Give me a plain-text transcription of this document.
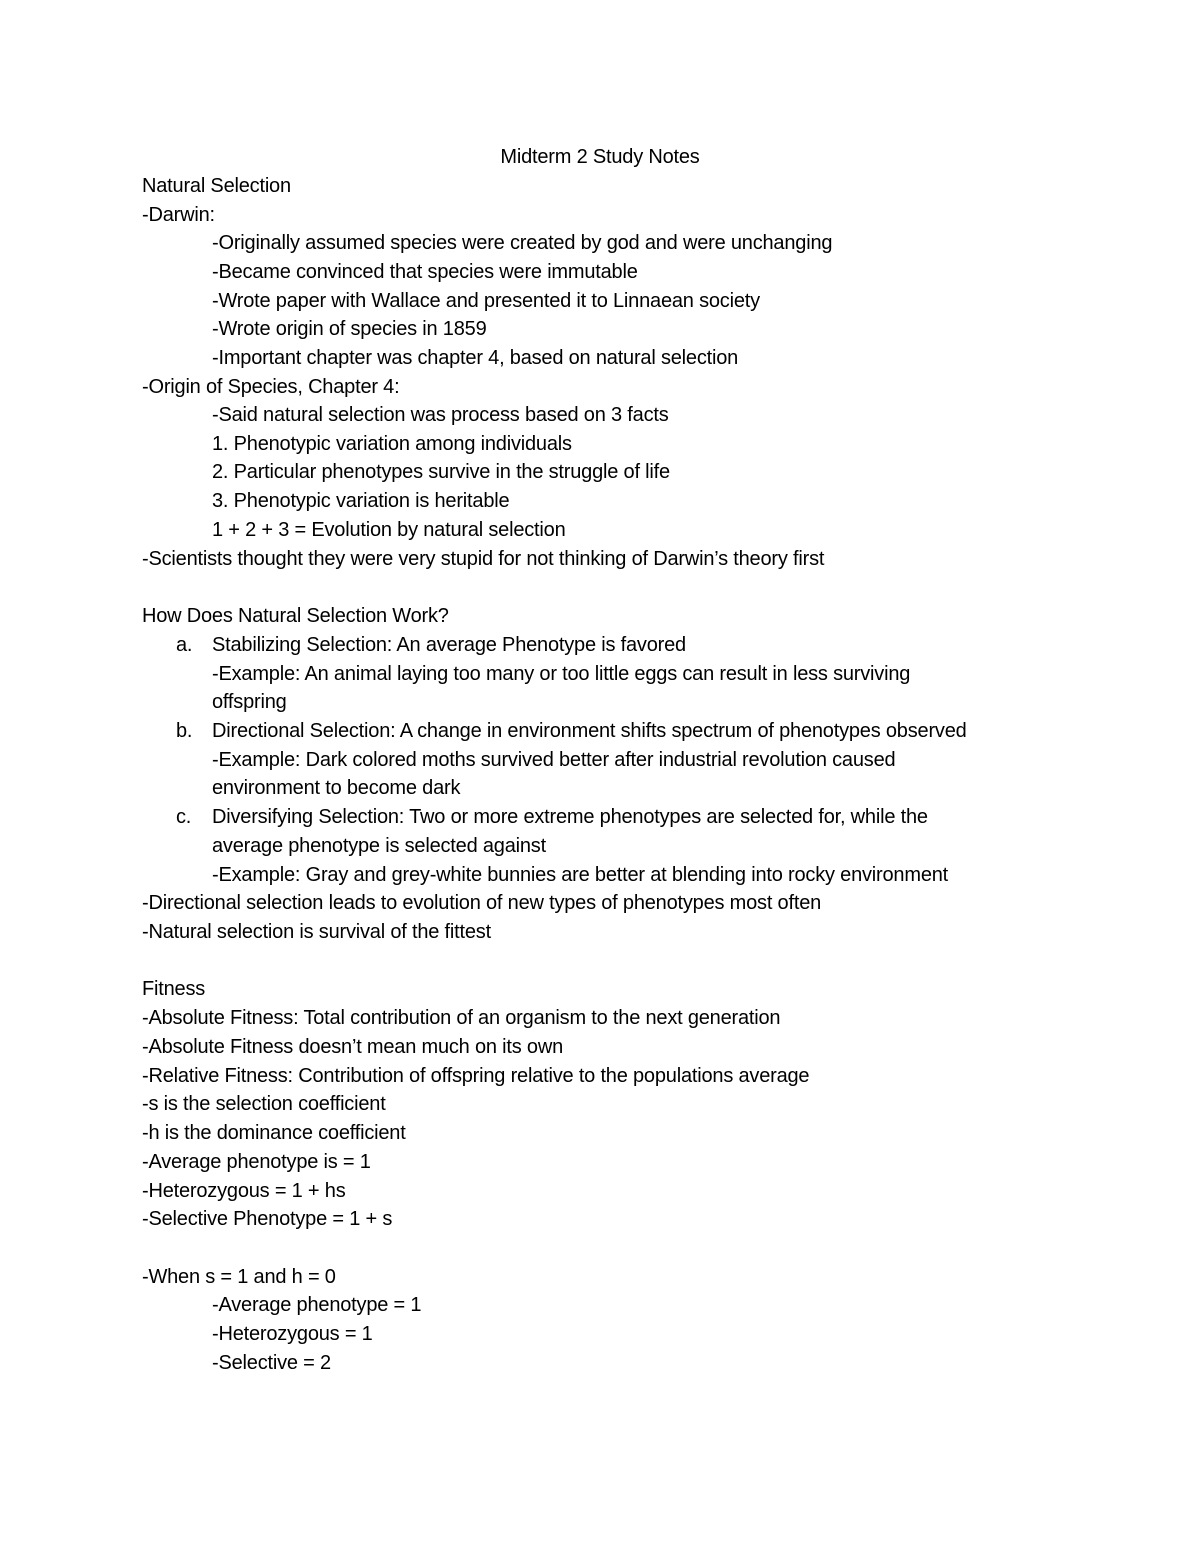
Midterm 2 Study Notes
Natural Selection
-Darwin:
-Originally assumed species were created by god and were unchanging
-Became convinced that species were immutable
-Wrote paper with Wallace and presented it to Linnaean society
-Wrote origin of species in 1859
-Important chapter was chapter 4, based on natural selection
-Origin of Species, Chapter 4:
-Said natural selection was process based on 3 facts
1. Phenotypic variation among individuals
2. Particular phenotypes survive in the struggle of life
3. Phenotypic variation is heritable
1 + 2 + 3 = Evolution by natural selection
-Scientists thought they were very stupid for not thinking of Darwin’s theory first
How Does Natural Selection Work?
a. Stabilizing Selection: An average Phenotype is favored
-Example: An animal laying too many or too little eggs can result in less surviving
offspring
b. Directional Selection: A change in environment shifts spectrum of phenotypes observed
-Example: Dark colored moths survived better after industrial revolution caused
environment to become dark
c. Diversifying Selection: Two or more extreme phenotypes are selected for, while the
average phenotype is selected against
-Example: Gray and grey-white bunnies are better at blending into rocky environment
-Directional selection leads to evolution of new types of phenotypes most often
-Natural selection is survival of the fittest
Fitness
-Absolute Fitness: Total contribution of an organism to the next generation
-Absolute Fitness doesn’t mean much on its own
-Relative Fitness: Contribution of offspring relative to the populations average
-s is the selection coefficient
-h is the dominance coefficient
-Average phenotype is = 1
-Heterozygous = 1 + hs
-Selective Phenotype = 1 + s
-When s = 1 and h = 0
-Average phenotype = 1
-Heterozygous = 1
-Selective = 2
